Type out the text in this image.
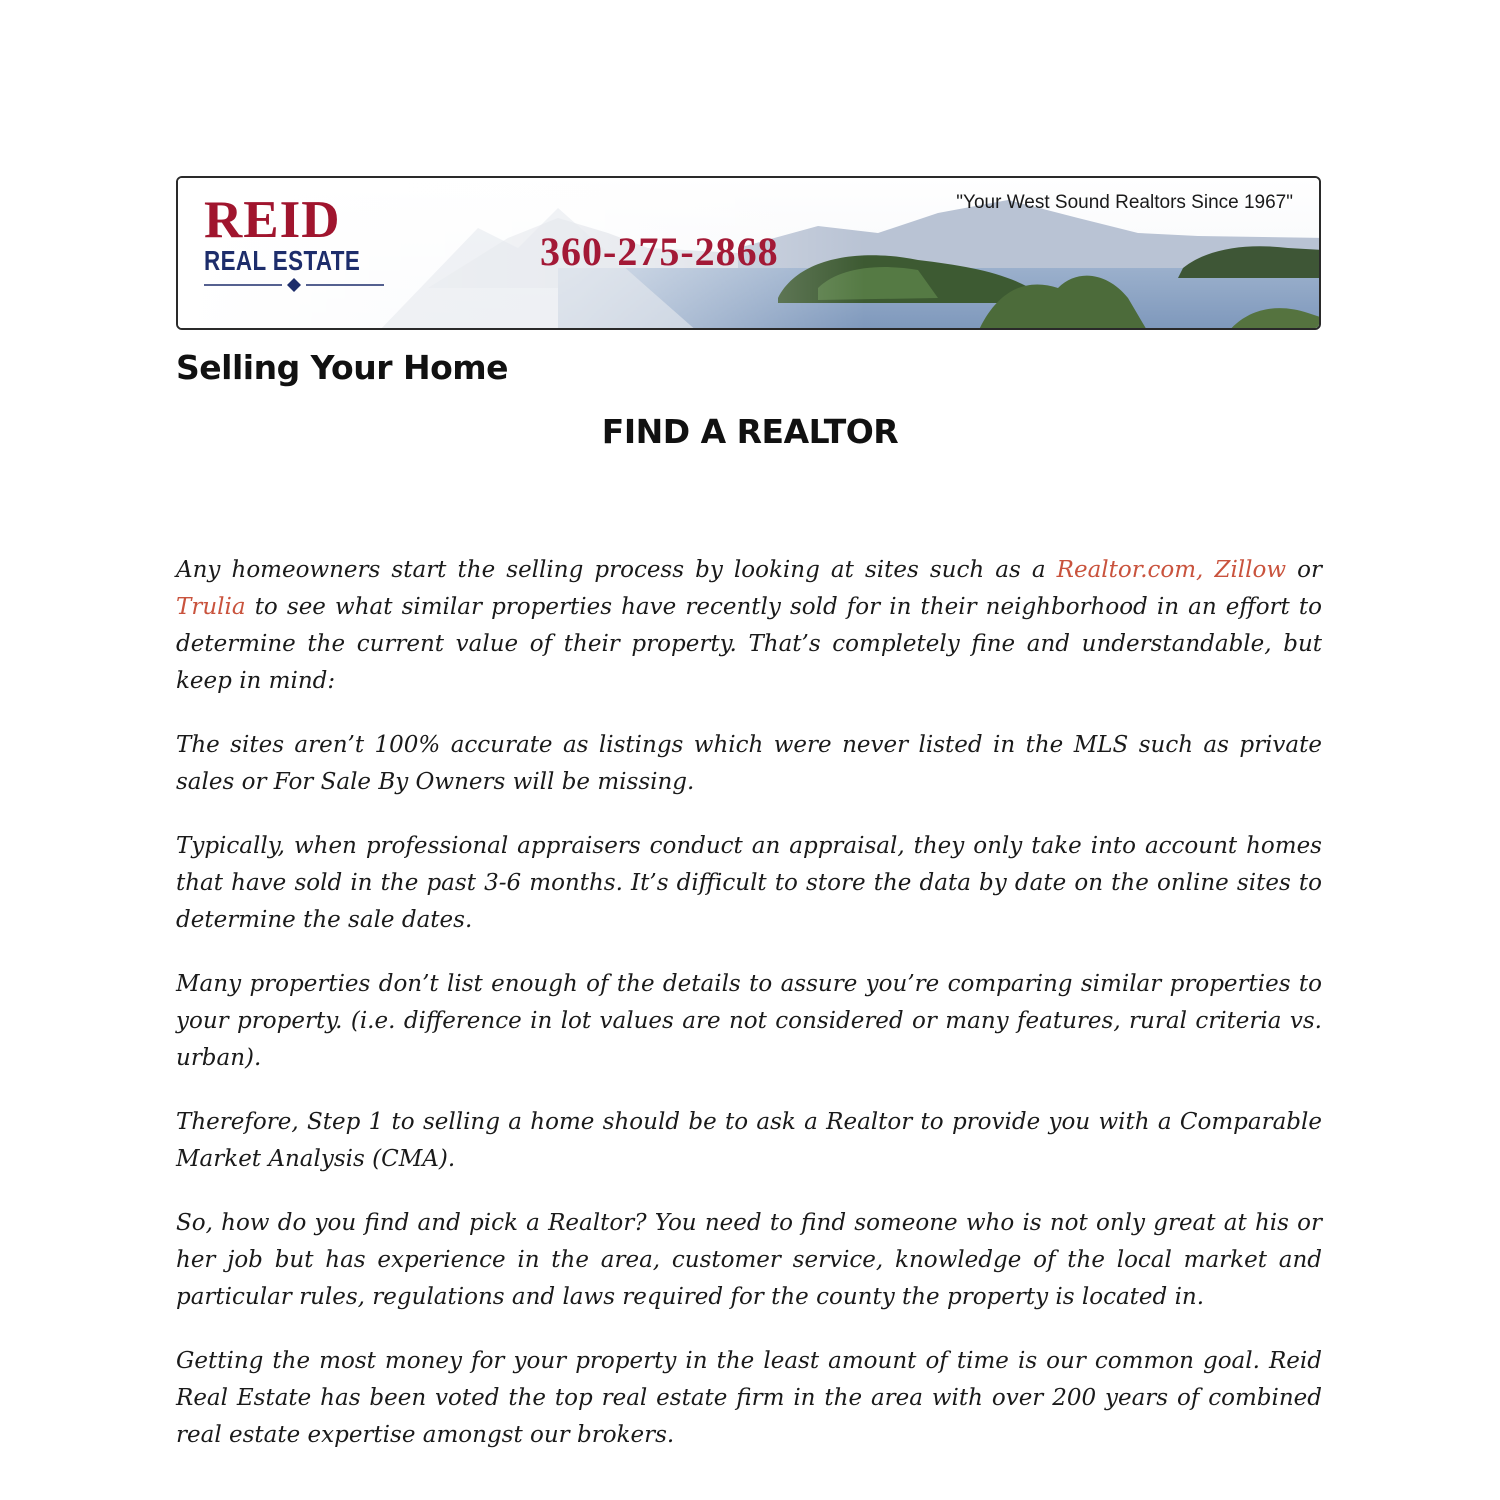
REID
REAL ESTATE	360-275-2868
"Your West Sound Realtors Since 1967"
Selling Your Home
FIND A REALTOR

Any homeowners start the selling process by looking at sites such as a Realtor.com, Zillow or Trulia to see what similar properties have recently sold for in their neighborhood in an effort to determine the current value of their property. That’s completely fine and understandable, but keep in mind:

The sites aren’t 100% accurate as listings which were never listed in the MLS such as private sales or For Sale By Owners will be missing.

Typically, when professional appraisers conduct an appraisal, they only take into account homes that have sold in the past 3-6 months. It’s difficult to store the data by date on the online sites to determine the sale dates.

Many properties don’t list enough of the details to assure you’re comparing similar properties to your property. (i.e. difference in lot values are not considered or many features, rural criteria vs. urban).

Therefore, Step 1 to selling a home should be to ask a Realtor to provide you with a Comparable Market Analysis (CMA).

So, how do you find and pick a Realtor? You need to find someone who is not only great at his or her job but has experience in the area, customer service, knowledge of the local market and particular rules, regulations and laws required for the county the property is located in.

Getting the most money for your property in the least amount of time is our common goal. Reid Real Estate has been voted the top real estate firm in the area with over 200 years of combined real estate expertise amongst our brokers.
